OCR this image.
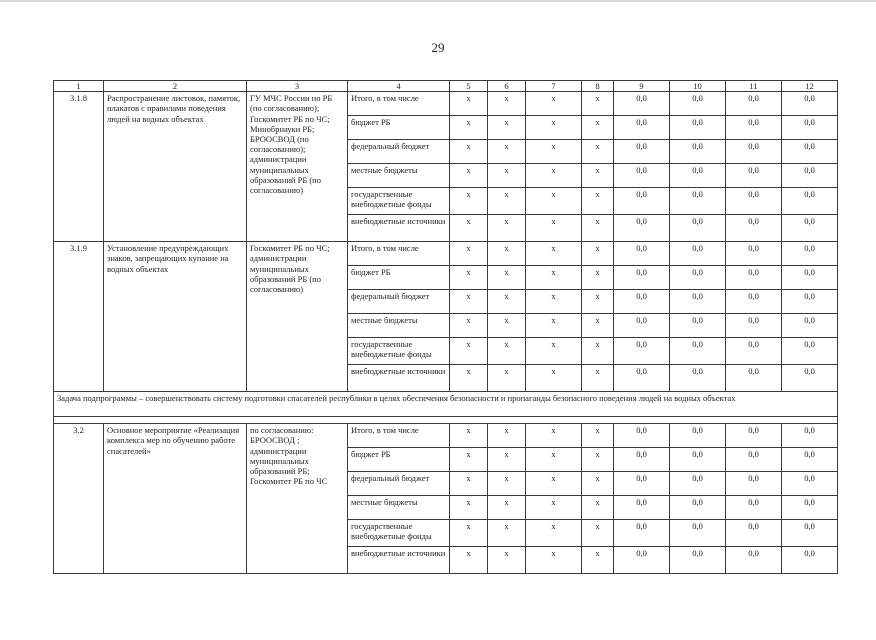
29
1	2	3	4	5	6	7	8	9	10	11	12
3.1.8	Распространение листовок, памяток, плакатов с правилами поведения людей на водных объектах	ГУ МЧС России по РБ (по согласованию); Госкомитет РБ по ЧС; Минобрнауки РБ; БРООСВОД (по согласованию); администрации муниципальных образований РБ (по согласованию)	Итого, в том числе	x	x	x	x	0,0	0,0	0,0	0,0
			бюджет РБ	x	x	x	x	0,0	0,0	0,0	0,0
			федеральный бюджет	x	x	x	x	0,0	0,0	0,0	0,0
			местные бюджеты	x	x	x	x	0,0	0,0	0,0	0,0
			государственные внебюджетные фонды	x	x	x	x	0,0	0,0	0,0	0,0
			внебюджетные источники	x	x	x	x	0,0	0,0	0,0	0,0
3.1.9	Установление предупреждающих знаков, запрещающих купание на водных объектах	Госкомитет РБ по ЧС; администрации муниципальных образований РБ (по согласованию)	Итого, в том числе	x	x	x	x	0,0	0,0	0,0	0,0
			бюджет РБ	x	x	x	x	0,0	0,0	0,0	0,0
			федеральный бюджет	x	x	x	x	0,0	0,0	0,0	0,0
			местные бюджеты	x	x	x	x	0,0	0,0	0,0	0,0
			государственные внебюджетные фонды	x	x	x	x	0,0	0,0	0,0	0,0
			внебюджетные источники	x	x	x	x	0,0	0,0	0,0	0,0
Задача подпрограммы – совершенствовать систему подготовки спасателей республики в целях обеспечения безопасности и пропаганды безопасного поведения людей на водных объектах											

3.2	Основное мероприятие «Реализация комплекса мер по обучению работе спасателей»	по согласованию: БРООСВОД ; администрации муниципальных образований РБ; Госкомитет РБ по ЧС	Итого, в том числе	x	x	x	x	0,0	0,0	0,0	0,0
			бюджет РБ	x	x	x	x	0,0	0,0	0,0	0,0
			федеральный бюджет	x	x	x	x	0,0	0,0	0,0	0,0
			местные бюджеты	x	x	x	x	0,0	0,0	0,0	0,0
			государственные внебюджетные фонды	x	x	x	x	0,0	0,0	0,0	0,0
			внебюджетные источники	x	x	x	x	0,0	0,0	0,0	0,0
